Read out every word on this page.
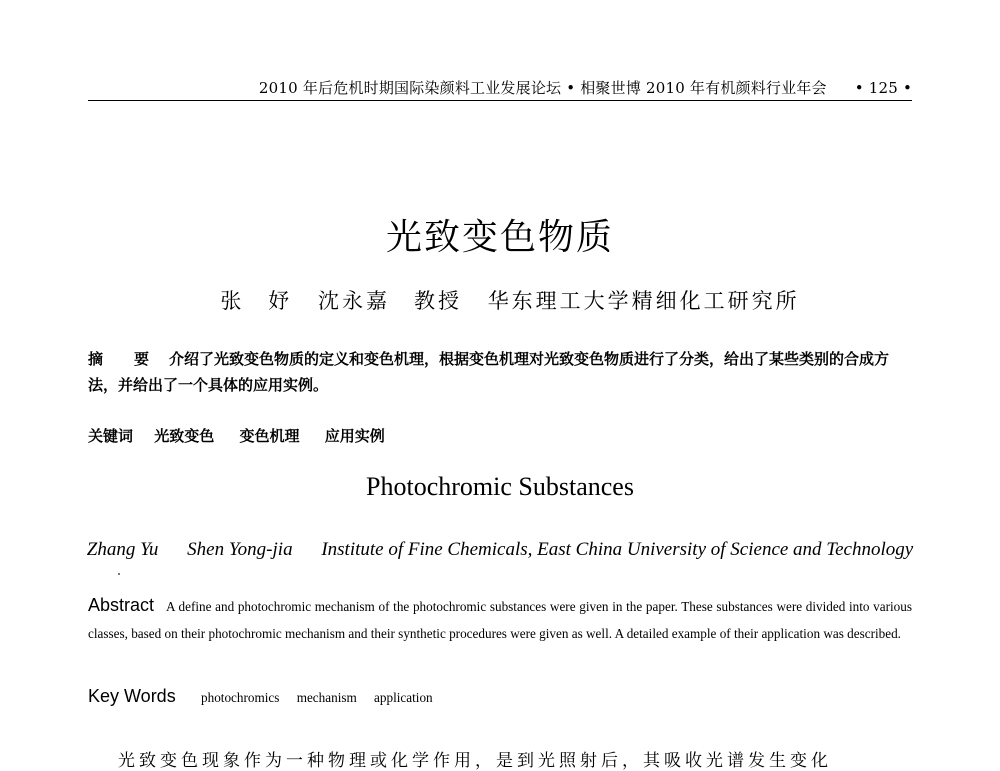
2010 年后危机时期国际染颜料工业发展论坛 • 相聚世博 2010 年有机颜料行业年会 • 125 •
光致变色物质
张　妤 沈永嘉　教授 华东理工大学精细化工研究所
摘　要 介绍了光致变色物质的定义和变色机理，根据变色机理对光致变色物质进行了分类，给出了某些类别的合成方法，并给出了一个具体的应用实例。
关键词 光致变色 变色机理 应用实例
Photochromic Substances
Zhang Yu Shen Yong-jia Institute of Fine Chemicals, East China University of Science and Technology
Abstract A define and photochromic mechanism of the photochromic substances were given in the paper. These substances were divided into various classes, based on their photochromic mechanism and their synthetic procedures were given as well. A detailed example of their application was described.
Key Words photochromics mechanism application
光致变色现象作为一种物理或化学作用，是到光照射后，其吸收光谱发生变化
